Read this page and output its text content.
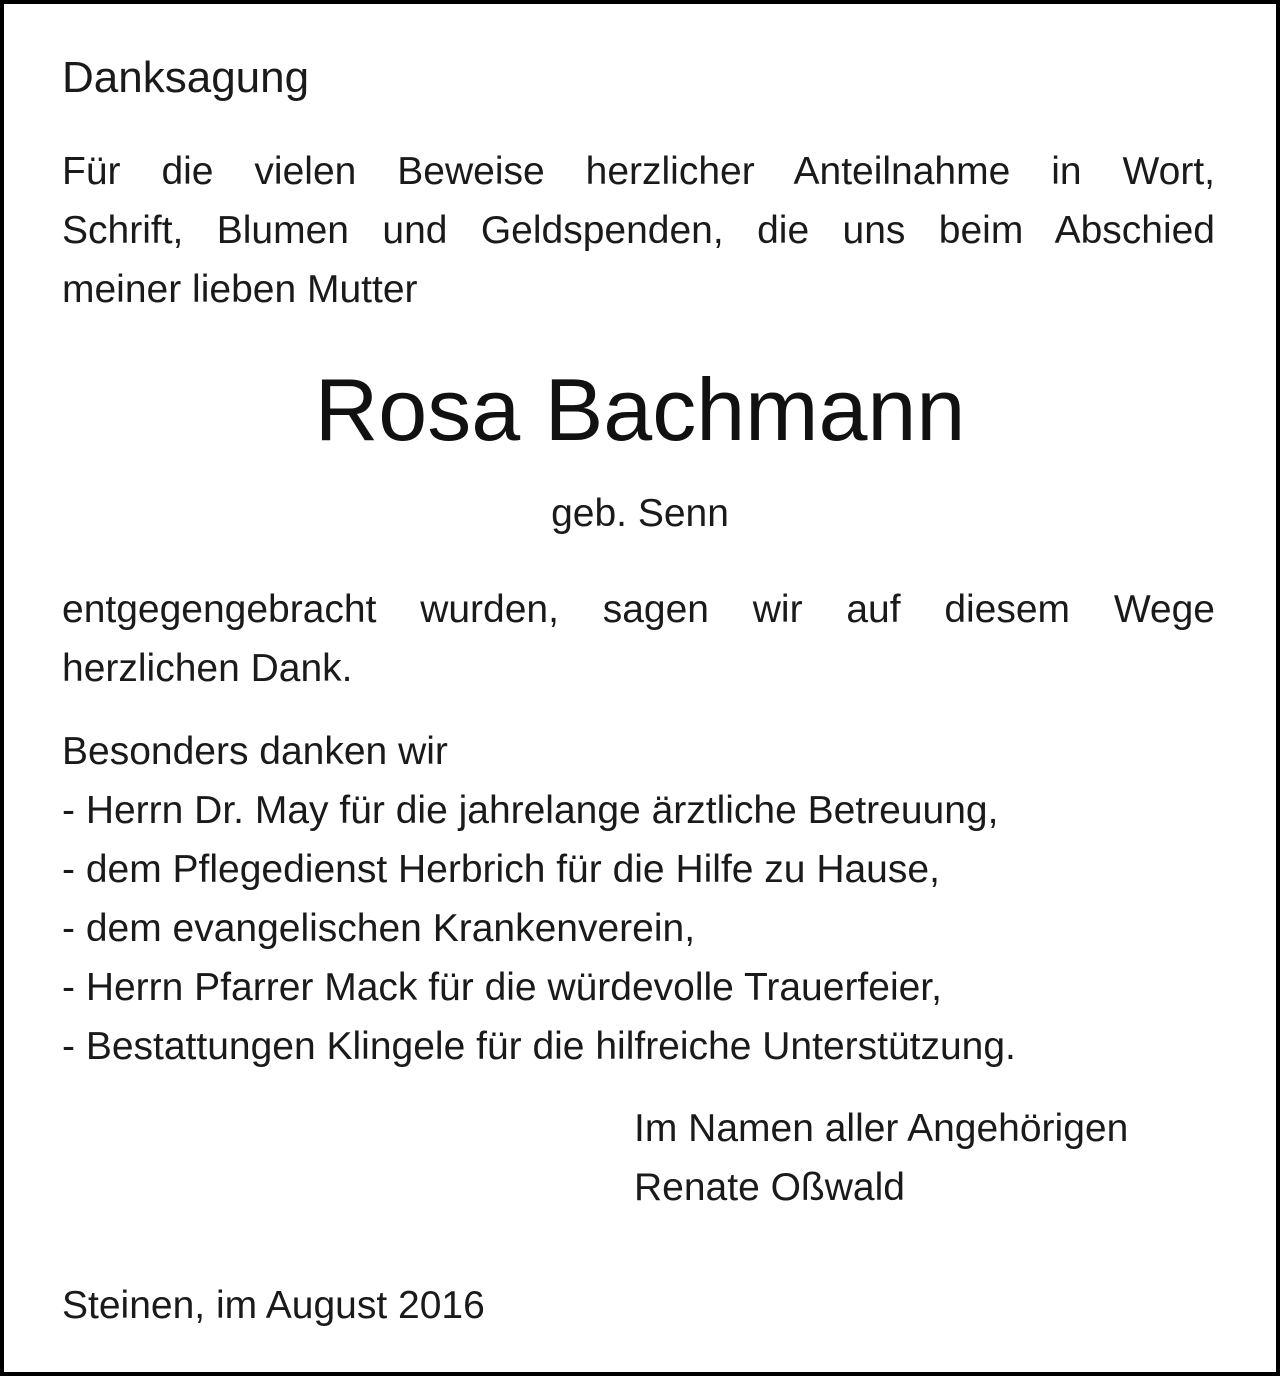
Danksagung
Für die vielen Beweise herzlicher Anteilnahme in Wort,
Schrift, Blumen und Geldspenden, die uns beim Abschied
meiner lieben Mutter
Rosa Bachmann
geb. Senn
entgegengebracht wurden, sagen wir auf diesem Wege
herzlichen Dank.
Besonders danken wir
- Herrn Dr. May für die jahrelange ärztliche Betreuung,
- dem Pflegedienst Herbrich für die Hilfe zu Hause,
- dem evangelischen Krankenverein,
- Herrn Pfarrer Mack für die würdevolle Trauerfeier,
- Bestattungen Klingele für die hilfreiche Unterstützung.
Im Namen aller Angehörigen
Renate Oßwald
Steinen, im August 2016
